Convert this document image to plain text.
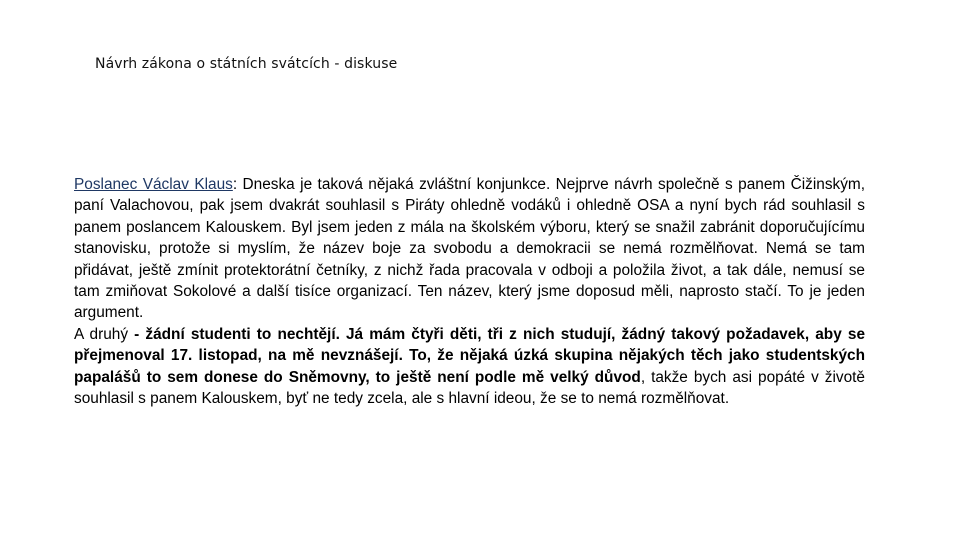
Návrh zákona o státních svátcích - diskuse

Poslanec Václav Klaus: Dneska je taková nějaká zvláštní konjunkce. Nejprve návrh společně s panem Čižinským, paní Valachovou, pak jsem dvakrát souhlasil s Piráty ohledně vodáků i ohledně OSA a nyní bych rád souhlasil s panem poslancem Kalouskem. Byl jsem jeden z mála na školském výboru, který se snažil zabránit doporučujícímu stanovisku, protože si myslím, že název boje za svobodu a demokracii se nemá rozmělňovat. Nemá se tam přidávat, ještě zmínit protektorátní četníky, z nichž řada pracovala v odboji a položila život, a tak dále, nemusí se tam zmiňovat Sokolové a další tisíce organizací. Ten název, který jsme doposud měli, naprosto stačí. To je jeden argument.

A druhý - žádní studenti to nechtějí. Já mám čtyři děti, tři z nich studují, žádný takový požadavek, aby se přejmenoval 17. listopad, na mě nevznášejí. To, že nějaká úzká skupina nějakých těch jako studentských papalášů to sem donese do Sněmovny, to ještě není podle mě velký důvod, takže bych asi popáté v životě souhlasil s panem Kalouskem, byť ne tedy zcela, ale s hlavní ideou, že se to nemá rozmělňovat.
